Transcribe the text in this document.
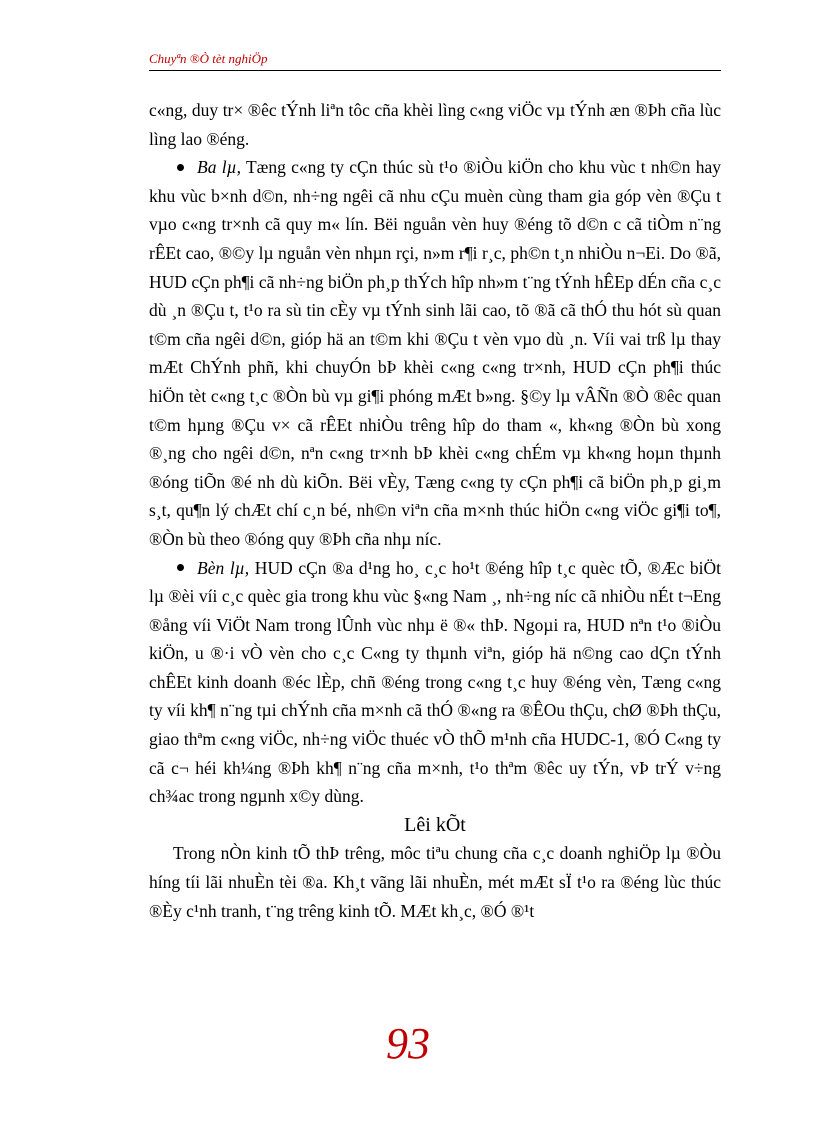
Chuyªn ®Ò tèt nghiÖp

c«ng, duy tr× ®êc tÝnh liªn tôc cña khèi lìng c«ng viÖc vµ tÝnh æn ®Þh cña lùc lìng lao ®éng.

Ba lµ, Tæng c«ng ty cÇn thúc sù t¹o ®iÒu kiÖn cho khu vùc t nh©n hay khu vùc b×nh d©n, nh÷ng ngêi cã nhu cÇu muèn cùng tham gia góp vèn ®Çu t vµo c«ng tr×nh cã quy m« lín. Bëi nguån vèn huy ®éng tõ d©n c cã tiÒm n¨ng rÊEt cao, ®©y lµ nguån vèn nhµn rçi, n»m r¶i r¸c, ph©n t¸n nhiÒu n¬Ei. Do ®ã, HUD cÇn ph¶i cã nh÷ng biÖn ph¸p thÝch hîp nh»m t¨ng tÝnh hÊEp dÉn cña c¸c dù ¸n ®Çu t, t¹o ra sù tin cÈy vµ tÝnh sinh lãi cao, tõ ®ã cã thÓ thu hót sù quan t©m cña ngêi d©n, gióp hä an t©m khi ®Çu t vèn vµo dù ¸n. Víi vai trß lµ thay mÆt ChÝnh phñ, khi chuyÓn bÞ khèi c«ng c«ng tr×nh, HUD cÇn ph¶i thúc hiÖn tèt c«ng t¸c ®Òn bù vµ gi¶i phóng mÆt b»ng. §©y lµ vÂÑn ®Ò ®êc quan t©m hµng ®Çu v× cã rÊEt nhiÒu trêng hîp do tham «, kh«ng ®Òn bù xong ®¸ng cho ngêi d©n, nªn c«ng tr×nh bÞ khèi c«ng chÉm vµ kh«ng hoµn thµnh ®óng tiÕn ®é nh dù kiÕn. Bëi vÈy, Tæng c«ng ty cÇn ph¶i cã biÖn ph¸p gi¸m s¸t, qu¶n lý chÆt chí c¸n bé, nh©n viªn cña m×nh thúc hiÖn c«ng viÖc gi¶i to¶, ®Òn bù theo ®óng quy ®Þh cña nhµ níc.

Bèn lµ, HUD cÇn ®a d¹ng ho¸ c¸c ho¹t ®éng hîp t¸c quèc tÕ, ®Æc biÖt lµ ®èi víi c¸c quèc gia trong khu vùc §«ng Nam ¸, nh÷ng níc cã nhiÒu nÉt t¬Eng ®ång víi ViÖt Nam trong lÛnh vùc nhµ ë ®« thÞ. Ngoµi ra, HUD nªn t¹o ®iÒu kiÖn, u ®·i vÒ vèn cho c¸c C«ng ty thµnh viªn, gióp hä n©ng cao dÇn tÝnh chÊEt kinh doanh ®éc lÈp, chñ ®éng trong c«ng t¸c huy ®éng vèn, Tæng c«ng ty víi kh¶ n¨ng tµi chÝnh cña m×nh cã thÓ ®«ng ra ®ÊOu thÇu, chØ ®Þh thÇu, giao thªm c«ng viÖc, nh÷ng viÖc thuéc vÒ thÕ m¹nh cña HUDC-1, ®Ó C«ng ty cã c¬ héi kh¼ng ®Þh kh¶ n¨ng cña m×nh, t¹o thªm ®êc uy tÝn, vÞ trÝ v÷ng ch¾ac trong ngµnh x©y dùng.

Lêi kÕt

Trong nÒn kinh tÕ thÞ trêng, môc tiªu chung cña c¸c doanh nghiÖp lµ ®Òu híng tíi lãi nhuÈn tèi ®a. Kh¸t vãng lãi nhuÈn, mét mÆt sÏ t¹o ra ®éng lùc thúc ®Èy c¹nh tranh, t¨ng trêng kinh tÕ. MÆt kh¸c, ®Ó ®¹t

93
